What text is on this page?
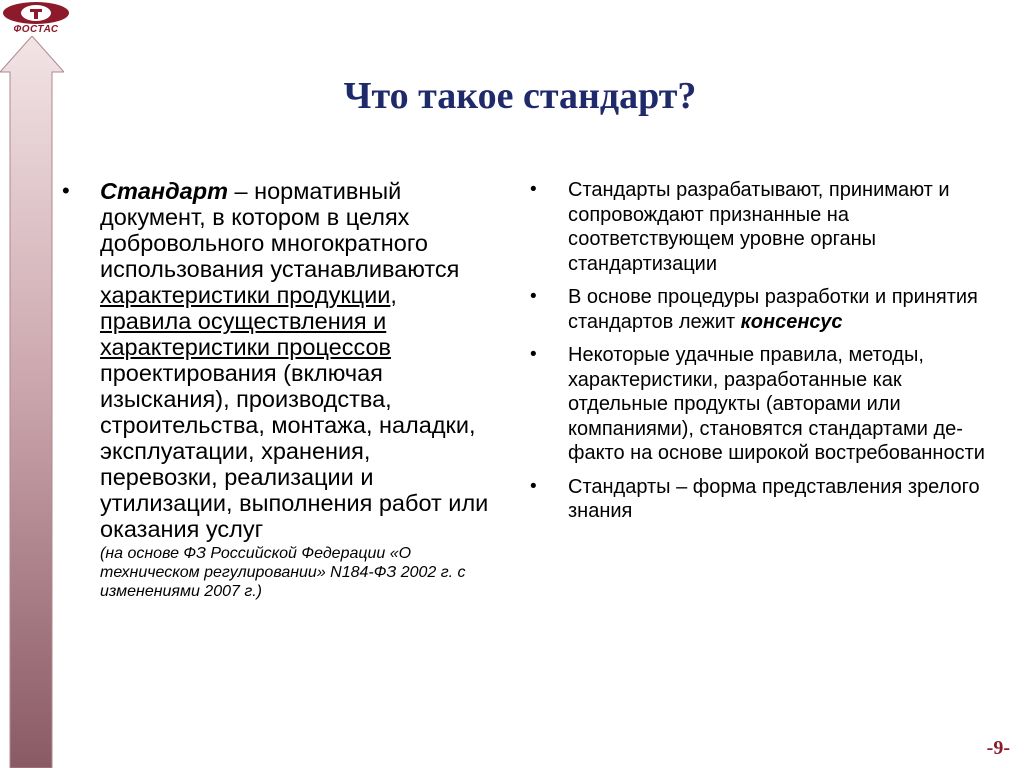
ФОСТАС
Что такое стандарт?
• Стандарт – нормативный документ, в котором в целях добровольного многократного использования устанавливаются характеристики продукции, правила осуществления и характеристики процессов проектирования (включая изыскания), производства, строительства, монтажа, наладки, эксплуатации, хранения, перевозки, реализации и утилизации, выполнения работ или оказания услуг
(на основе ФЗ Российской Федерации «О техническом регулировании» N184-ФЗ 2002 г. с изменениями 2007 г.)
• Стандарты разрабатывают, принимают и сопровождают признанные на соответствующем уровне органы стандартизации
• В основе процедуры разработки и принятия стандартов лежит консенсус
• Некоторые удачные правила, методы, характеристики, разработанные как отдельные продукты (авторами или компаниями), становятся стандартами де-факто на основе широкой востребованности
• Стандарты – форма представления зрелого знания
-9-
